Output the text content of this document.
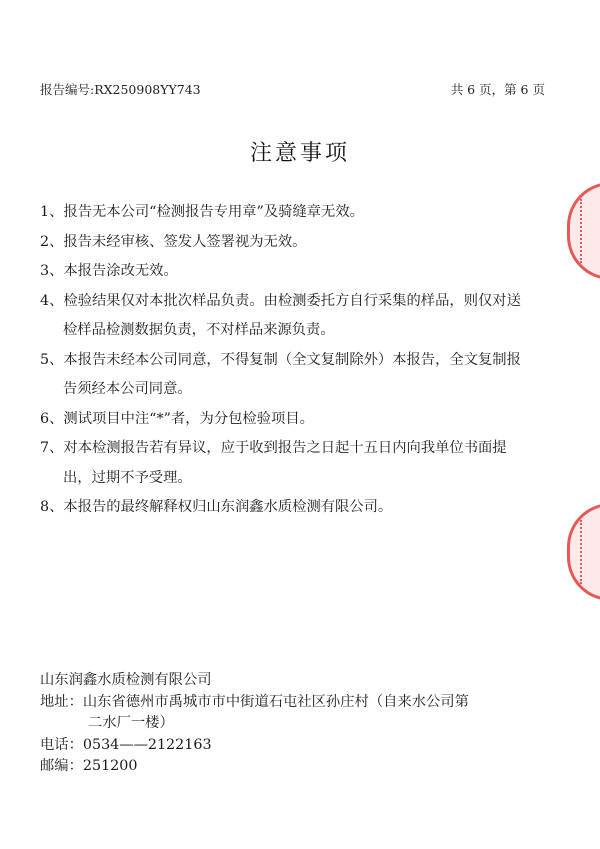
报告编号:RX250908YY743	共 6 页，第 6 页
注意事项

1、报告无本公司“检测报告专用章”及骑缝章无效。

2、报告未经审核、签发人签署视为无效。

3、本报告涂改无效。

4、检验结果仅对本批次样品负责。由检测委托方自行采集的样品，则仅对送
检样品检测数据负责，不对样品来源负责。

5、本报告未经本公司同意，不得复制（全文复制除外）本报告，全文复制报
告须经本公司同意。

6、测试项目中注“*”者，为分包检验项目。

7、对本检测报告若有异议，应于收到报告之日起十五日内向我单位书面提
出，过期不予受理。

8、本报告的最终解释权归山东润鑫水质检测有限公司。

山东润鑫水质检测有限公司
地址：山东省德州市禹城市市中街道石屯社区孙庄村（自来水公司第
二水厂一楼）
电话：0534——2122163
邮编：251200
